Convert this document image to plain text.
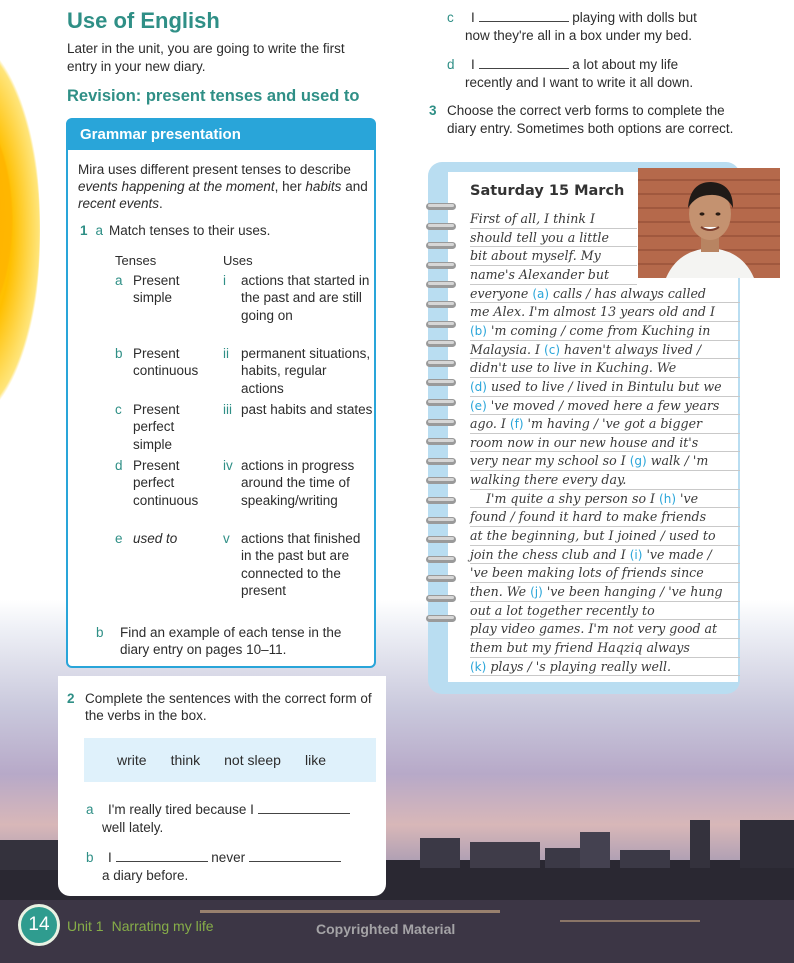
Use of English
Later in the unit, you are going to write the first entry in your new diary.
Revision: present tenses and used to
Grammar presentation
Mira uses different present tenses to describe events happening at the moment, her habits and recent events.
1 a Match tenses to their uses.
Tenses	Uses
a Present simple
i actions that started in the past and are still going on
b Present continuous
ii permanent situations, habits, regular actions
c Present perfect simple
iii past habits and states
d Present perfect continuous
iv actions in progress around the time of speaking/writing
e used to	v actions that finished in the past but are connected to the present
b Find an example of each tense in the diary entry on pages 10–11.
2 Complete the sentences with the correct form of the verbs in the box.
write think not sleep like
a I'm really tired because I
well lately.
b I	never
a diary before.
c I	playing with dolls but
now they're all in a box under my bed.
d I	a lot about my life
recently and I want to write it all down.
3 Choose the correct verb forms to complete the diary entry. Sometimes both options are correct.
Saturday 15 March
First of all, I think I
should tell you a little
bit about myself. My
name's Alexander but
everyone (a) calls / has always called
me Alex. I'm almost 13 years old and I
(b) 'm coming / come from Kuching in
Malaysia. I (c) haven't always lived /
didn't use to live in Kuching. We
(d) used to live / lived in Bintulu but we
(e) 've moved / moved here a few years
ago. I (f) 'm having / 've got a bigger
room now in our new house and it's
very near my school so I (g) walk / 'm
walking there every day.
I'm quite a shy person so I (h) 've
found / found it hard to make friends
at the beginning, but I joined / used to
join the chess club and I (i) 've made /
've been making lots of friends since
then. We (j) 've been hanging / 've hung
out a lot together recently to
play video games. I'm not very good at
them but my friend Haqziq always
(k) plays / 's playing really well.
14	Unit 1 Narrating my life	Copyrighted Material
